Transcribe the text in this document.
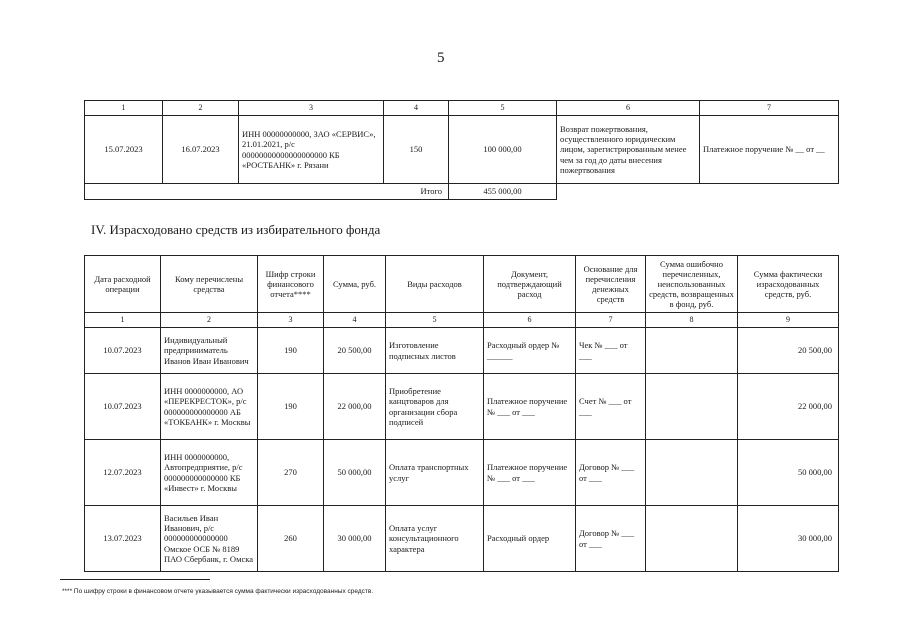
5
1	2	3	4	5	6	7
15.07.2023	16.07.2023	ИНН 00000000000, ЗАО «СЕРВИС», 21.01.2021, р/с 00000000000000000000 КБ «РОСТБАНК» г. Рязани	150	100 000,00	Возврат пожертвования, осуществленного юридическим лицом, зарегистрированным менее чем за год до даты внесения пожертвования	Платежное поручение № __ от __
Итого				455 000,00		
IV. Израсходовано средств из избирательного фонда
Дата расходной операции	Кому перечислены средства	Шифр строки финансового отчета****	Сумма, руб.	Виды расходов	Документ, подтверждающий расход	Основание для перечисления денежных средств	Сумма ошибочно перечисленных, неиспользованных средств, возвращенных в фонд, руб.	Сумма фактически израсходованных средств, руб.
1	2	3	4	5	6	7	8	9
10.07.2023	Индивидуальный предприниматель Иванов Иван Иванович	190	20 500,00	Изготовление подписных листов	Расходный ордер № ______	Чек № ___ от ___		20 500,00
10.07.2023	ИНН 0000000000, АО «ПЕРЕКРЕСТОК», р/с 000000000000000 АБ «ТОКБАНК» г. Москвы	190	22 000,00	Приобретение канцтоваров для организации сбора подписей	Платежное поручение № ___ от ___	Счет № ___ от ___		22 000,00
12.07.2023	ИНН 0000000000, Автопредприятие, р/с 000000000000000 КБ «Инвест» г. Москвы	270	50 000,00	Оплата транспортных услуг	Платежное поручение № ___ от ___	Договор № ___ от ___		50 000,00
13.07.2023	Васильев Иван Иванович, р/с 000000000000000 Омское ОСБ № 8189 ПАО Сбербанк, г. Омска	260	30 000,00	Оплата услуг консультационного характера	Расходный ордер	Договор № ___ от ___		30 000,00
**** По шифру строки в финансовом отчете указывается сумма фактически израсходованных средств.
